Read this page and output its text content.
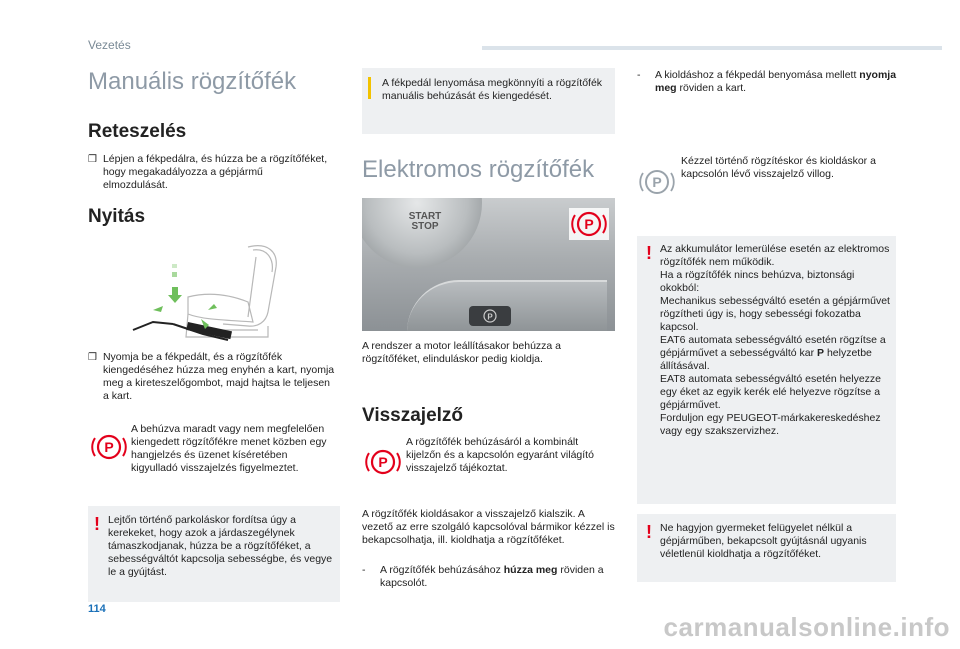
Vezetés
Manuális rögzítőfék
Reteszelés
❒ Lépjen a fékpedálra, és húzza be a rögzítőféket, hogy megakadályozza a gépjármű elmozdulását.
Nyitás
❒ Nyomja be a fékpedált, és a rögzítőfék kiengedéséhez húzza meg enyhén a kart, nyomja meg a kireteszelőgombot, majd hajtsa le teljesen a kart.
P
A behúzva maradt vagy nem megfelelően kiengedett rögzítőfékre menet közben egy hangjelzés és üzenet kíséretében kigyulladó visszajelzés figyelmeztet.
! Lejtőn történő parkoláskor fordítsa úgy a kerekeket, hogy azok a járdaszegélynek támaszkodjanak, húzza be a rögzítőféket, a sebességváltót kapcsolja sebességbe, és vegye le a gyújtást.
A fékpedál lenyomása megkönnyíti a rögzítőfék manuális behúzását és kiengedését.
Elektromos rögzítőfék
START STOP
P
P
A rendszer a motor leállításakor behúzza a rögzítőféket, elinduláskor pedig kioldja.
Visszajelző
P
A rögzítőfék behúzásáról a kombinált kijelzőn és a kapcsolón egyaránt világító visszajelző tájékoztat.
A rögzítőfék kioldásakor a visszajelző kialszik. A vezető az erre szolgáló kapcsolóval bármikor kézzel is bekapcsolhatja, ill. kioldhatja a rögzítőféket.
-	A rögzítőfék behúzásához húzza meg röviden a kapcsolót.
-	A kioldáshoz a fékpedál benyomása mellett nyomja meg röviden a kart.
P
Kézzel történő rögzítéskor és kioldáskor a kapcsolón lévő visszajelző villog.
! Az akkumulátor lemerülése esetén az elektromos rögzítőfék nem működik.
Ha a rögzítőfék nincs behúzva, biztonsági okokból:
Mechanikus sebességváltó esetén a gépjárművet rögzítheti úgy is, hogy sebességi fokozatba kapcsol.
EAT6 automata sebességváltó esetén rögzítse a gépjárművet a sebességváltó kar P helyzetbe állításával.
EAT8 automata sebességváltó esetén helyezze egy éket az egyik kerék elé helyezve rögzítse a gépjárművet.
Forduljon egy PEUGEOT-márkakereskedéshez vagy egy szakszervizhez.
! Ne hagyjon gyermeket felügyelet nélkül a gépjárműben, bekapcsolt gyújtásnál ugyanis véletlenül kioldhatja a rögzítőféket.
114
carmanualsonline.info
